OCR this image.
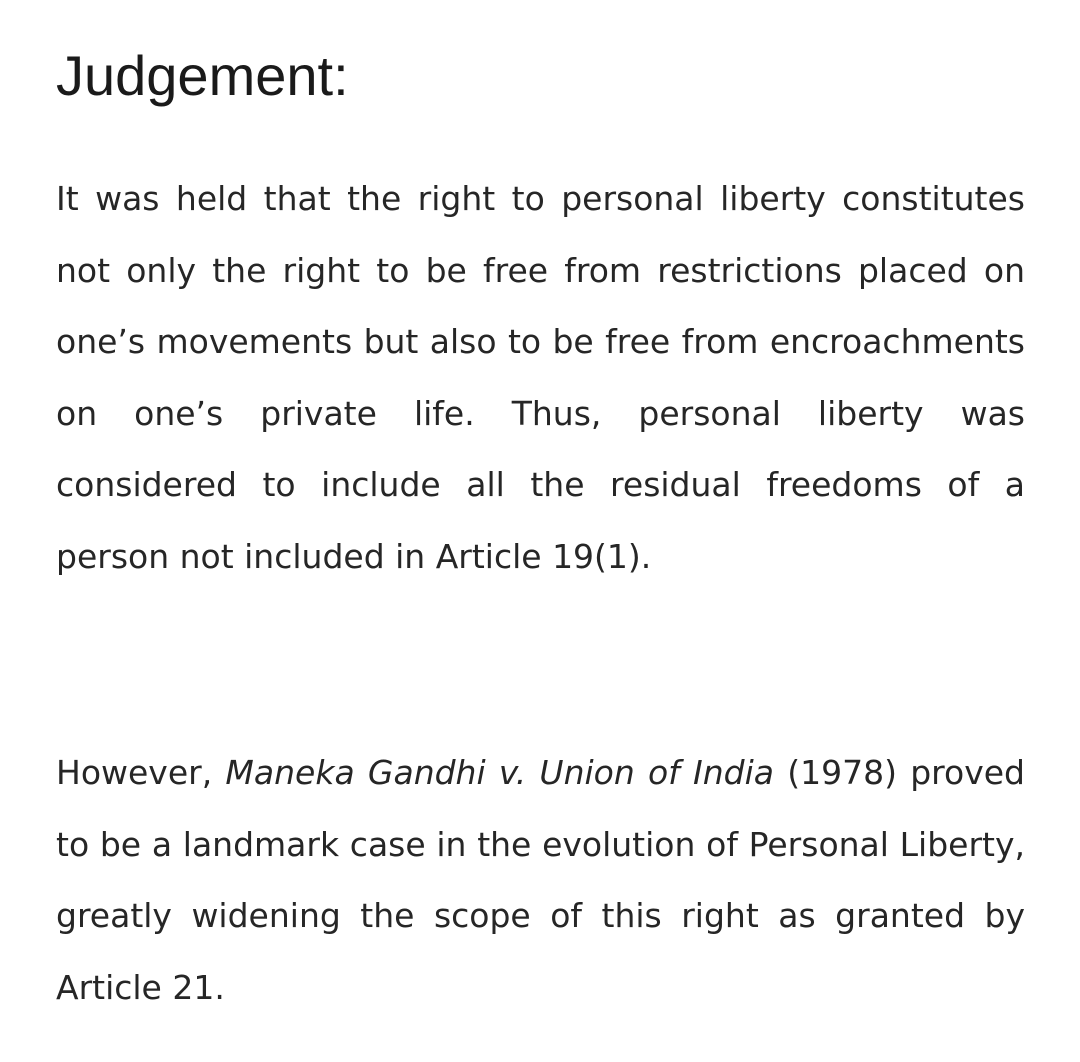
Judgement:

It was held that the right to personal liberty constitutes not only the right to be free from restrictions placed on one’s movements but also to be free from encroachments on one’s private life. Thus, personal liberty was considered to include all the residual freedoms of a person not included in Article 19(1).

However, Maneka Gandhi v. Union of India (1978) proved to be a landmark case in the evolution of Personal Liberty, greatly widening the scope of this right as granted by Article 21.
